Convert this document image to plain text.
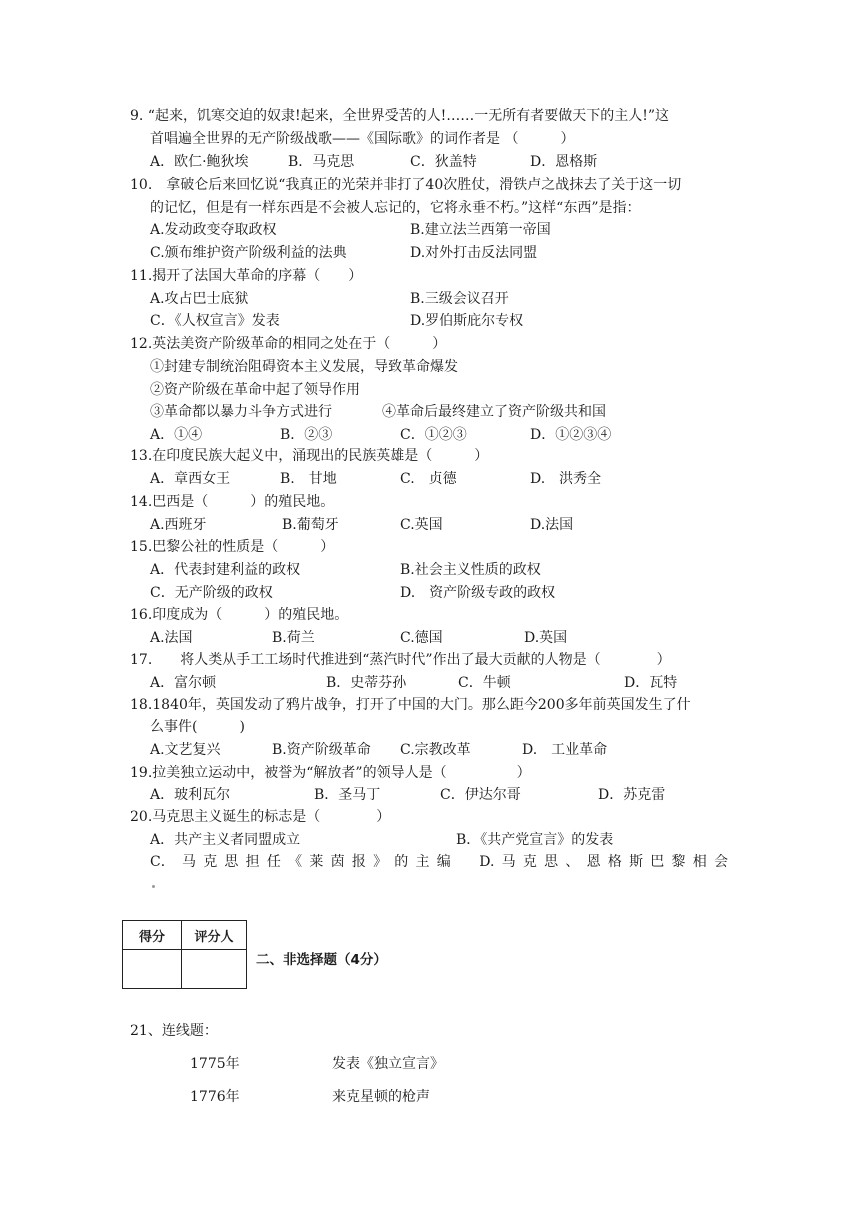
9. “起来，饥寒交迫的奴隶!起来，全世界受苦的人!……一无所有者要做天下的主人!”这
首唱遍全世界的无产阶级战歌——《国际歌》的词作者是 （　　　）
A．欧仁·鲍狄埃	B．马克思	C．狄盖特	D．恩格斯
10.　拿破仑后来回忆说“我真正的光荣并非打了40次胜仗，滑铁卢之战抹去了关于这一切
的记忆，但是有一样东西是不会被人忘记的，它将永垂不朽。”这样“东西”是指：
A.发动政变夺取政权	B.建立法兰西第一帝国
C.颁布维护资产阶级利益的法典	D.对外打击反法同盟
11.揭开了法国大革命的序幕（　　）
A.攻占巴士底狱	B.三级会议召开
C．《人权宣言》发表	D.罗伯斯庇尔专权
12.英法美资产阶级革命的相同之处在于（　　　）
①封建专制统治阻碍资本主义发展，导致革命爆发
②资产阶级在革命中起了领导作用
③革命都以暴力斗争方式进行	④革命后最终建立了资产阶级共和国
A．①④	B．②③	C．①②③	D．①②③④
13.在印度民族大起义中，涌现出的民族英雄是（　　　）
A．章西女王	B.　甘地	C.　贞德	D.　洪秀全
14.巴西是（　　　）的殖民地。
A.西班牙	B.葡萄牙	C.英国	D.法国
15.巴黎公社的性质是（　　　）
A．代表封建利益的政权	B.社会主义性质的政权
C．无产阶级的政权	D.　资产阶级专政的政权
16.印度成为（　　　）的殖民地。
A.法国	B.荷兰	C.德国	D.英国
17.　　将人类从手工工场时代推进到“蒸汽时代”作出了最大贡献的人物是（　　　　）
A．富尔顿	B．史蒂芬孙	C．牛顿	D．瓦特
18.1840年，英国发动了鸦片战争，打开了中国的大门。那么距今200多年前英国发生了什
么事件(　　　)
A.文艺复兴	B.资产阶级革命 C.宗教改革	D.　工业革命
19.拉美独立运动中，被誉为“解放者”的领导人是（　　　　　）
A．玻利瓦尔	B．圣马丁	C．伊达尔哥	D．苏克雷
20.马克思主义诞生的标志是（　　　　）
A．共产主义者同盟成立	B．《共产党宣言》的发表
C． 马 克 思 担 任 《 莱 茵 报 》 的 主 编
　 D. 马 克 思 、 恩 格 斯 巴 黎 相 会
得分	评分人

二、非选择题（4分）
21、连线题：
1775年	发表《独立宣言》
1776年	来克星顿的枪声
